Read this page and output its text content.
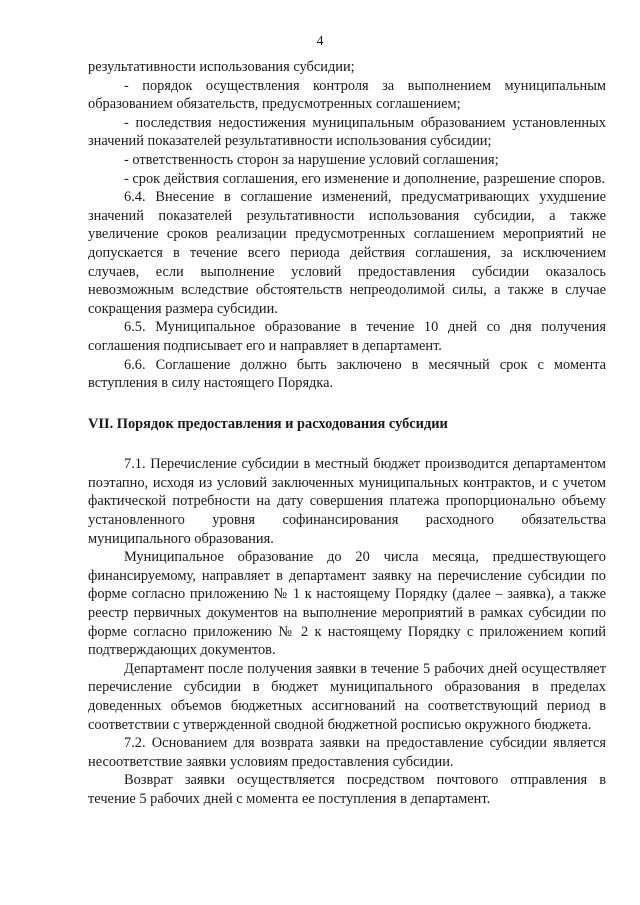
4

результативности использования субсидии;

- порядок осуществления контроля за выполнением муниципальным образованием обязательств, предусмотренных соглашением;

- последствия недостижения муниципальным образованием установленных значений показателей результативности использования субсидии;

- ответственность сторон за нарушение условий соглашения;

- срок действия соглашения, его изменение и дополнение, разрешение споров.

6.4. Внесение в соглашение изменений, предусматривающих ухудшение значений показателей результативности использования субсидии, а также увеличение сроков реализации предусмотренных соглашением мероприятий не допускается в течение всего периода действия соглашения, за исключением случаев, если выполнение условий предоставления субсидии оказалось невозможным вследствие обстоятельств непреодолимой силы, а также в случае сокращения размера субсидии.

6.5. Муниципальное образование в течение 10 дней со дня получения соглашения подписывает его и направляет в департамент.

6.6. Соглашение должно быть заключено в месячный срок с момента вступления в силу настоящего Порядка.

VII. Порядок предоставления и расходования субсидии

7.1. Перечисление субсидии в местный бюджет производится департаментом поэтапно, исходя из условий заключенных муниципальных контрактов, и с учетом фактической потребности на дату совершения платежа пропорционально объему установленного уровня софинансирования расходного обязательства муниципального образования.

Муниципальное образование до 20 числа месяца, предшествующего финансируемому, направляет в департамент заявку на перечисление субсидии по форме согласно приложению № 1 к настоящему Порядку (далее – заявка), а также реестр первичных документов на выполнение мероприятий в рамках субсидии по форме согласно приложению № 2 к настоящему Порядку с приложением копий подтверждающих документов.

Департамент после получения заявки в течение 5 рабочих дней осуществляет перечисление субсидии в бюджет муниципального образования в пределах доведенных объемов бюджетных ассигнований на соответствующий период в соответствии с утвержденной сводной бюджетной росписью окружного бюджета.

7.2. Основанием для возврата заявки на предоставление субсидии является несоответствие заявки условиям предоставления субсидии.

Возврат заявки осуществляется посредством почтового отправления в течение 5 рабочих дней с момента ее поступления в департамент.
